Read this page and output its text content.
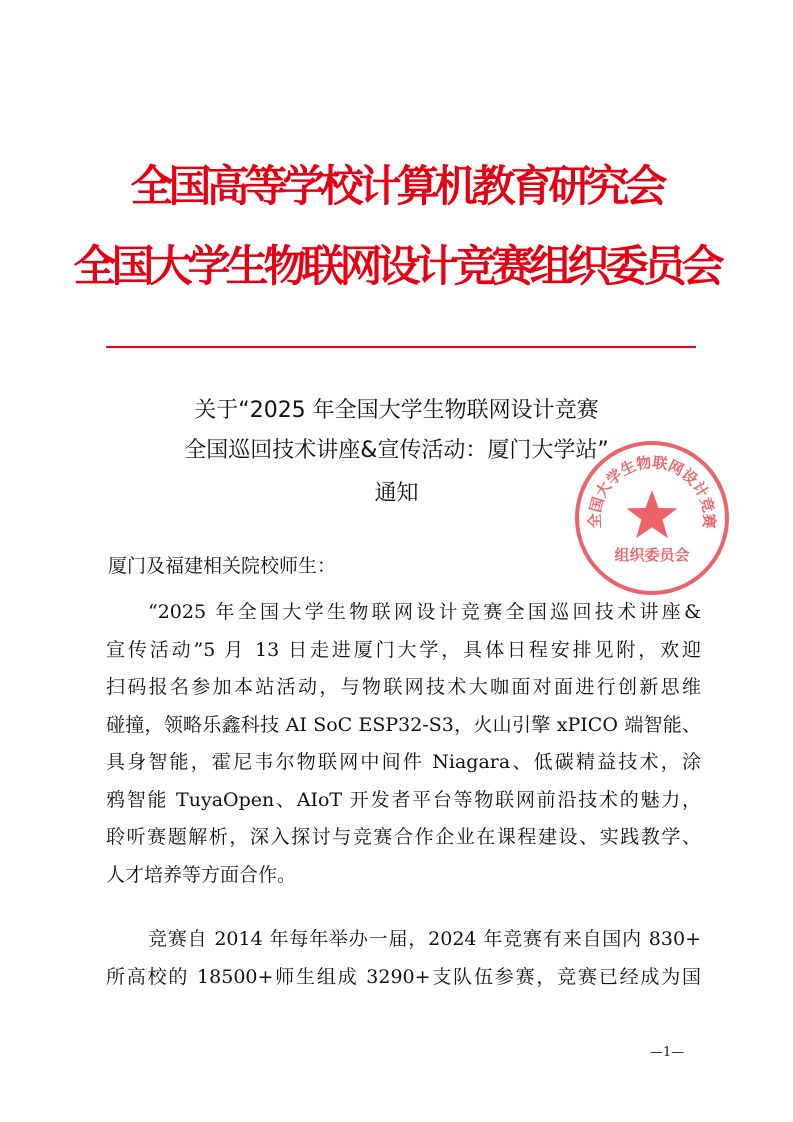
全国高等学校计算机教育研究会
全国大学生物联网设计竞赛组织委员会
关于“2025 年全国大学生物联网设计竞赛
全国巡回技术讲座&宣传活动：厦门大学站”
通知
厦门及福建相关院校师生：
“2025 年全国大学生物联网设计竞赛全国巡回技术讲座&
宣传活动”5 月 13 日走进厦门大学，具体日程安排见附，欢迎
扫码报名参加本站活动，与物联网技术大咖面对面进行创新思维
碰撞，领略乐鑫科技 AI SoC ESP32-S3，火山引擎 xPICO 端智能、
具身智能，霍尼韦尔物联网中间件 Niagara、低碳精益技术，涂
鸦智能 TuyaOpen、AIoT 开发者平台等物联网前沿技术的魅力，
聆听赛题解析，深入探讨与竞赛合作企业在课程建设、实践教学、
人才培养等方面合作。
竞赛自 2014 年每年举办一届，2024 年竞赛有来自国内 830+
所高校的 18500+师生组成 3290+支队伍参赛，竞赛已经成为国
全国大学生物联网设计竞赛
组织委员会
—1—
